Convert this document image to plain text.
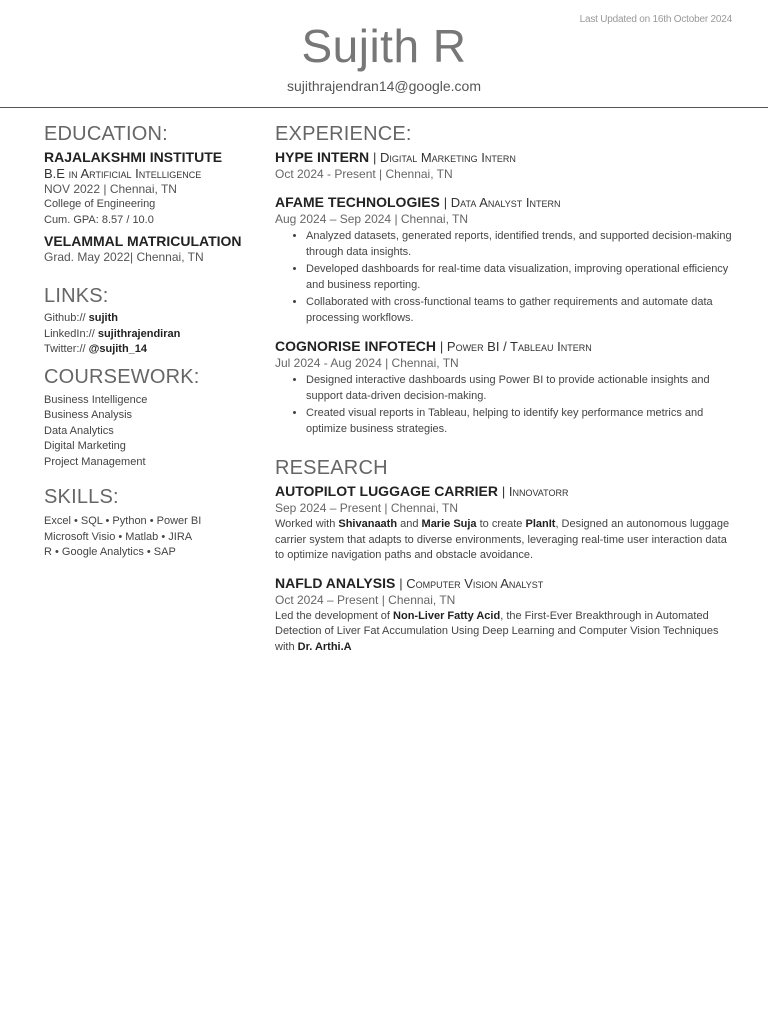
Last Updated on 16th October 2024
Sujith R
sujithrajendran14@google.com
EDUCATION:
RAJALAKSHMI INSTITUTE
B.E in Artificial Intelligence
NOV 2022 | Chennai, TN
College of Engineering
Cum. GPA: 8.57 / 10.0
VELAMMAL MATRICULATION
Grad. May 2022| Chennai, TN
LINKS:
Github:// sujith
LinkedIn:// sujithrajendiran
Twitter:// @sujith_14
COURSEWORK:
Business Intelligence
Business Analysis
Data Analytics
Digital Marketing
Project Management
SKILLS:
Excel • SQL • Python • Power BI
Microsoft Visio • Matlab • JIRA
R • Google Analytics • SAP
EXPERIENCE:
HYPE INTERN | Digital Marketing Intern
Oct 2024 - Present | Chennai, TN
AFAME TECHNOLOGIES | Data Analyst Intern
Aug 2024 – Sep 2024 | Chennai, TN
• Analyzed datasets, generated reports, identified trends, and supported decision-making through data insights.
• Developed dashboards for real-time data visualization, improving operational efficiency and business reporting.
• Collaborated with cross-functional teams to gather requirements and automate data processing workflows.
COGNORISE INFOTECH | Power BI / Tableau Intern
Jul 2024 - Aug 2024 | Chennai, TN
• Designed interactive dashboards using Power BI to provide actionable insights and support data-driven decision-making.
• Created visual reports in Tableau, helping to identify key performance metrics and optimize business strategies.
RESEARCH
AUTOPILOT LUGGAGE CARRIER | Innovatorr
Sep 2024 – Present | Chennai, TN
Worked with Shivanaath and Marie Suja to create PlanIt, Designed an autonomous luggage carrier system that adapts to diverse environments, leveraging real-time user interaction data to optimize navigation paths and obstacle avoidance.
NAFLD ANALYSIS | Computer Vision Analyst
Oct 2024 – Present | Chennai, TN
Led the development of Non-Liver Fatty Acid, the First-Ever Breakthrough in Automated Detection of Liver Fat Accumulation Using Deep Learning and Computer Vision Techniques with Dr. Arthi.A
